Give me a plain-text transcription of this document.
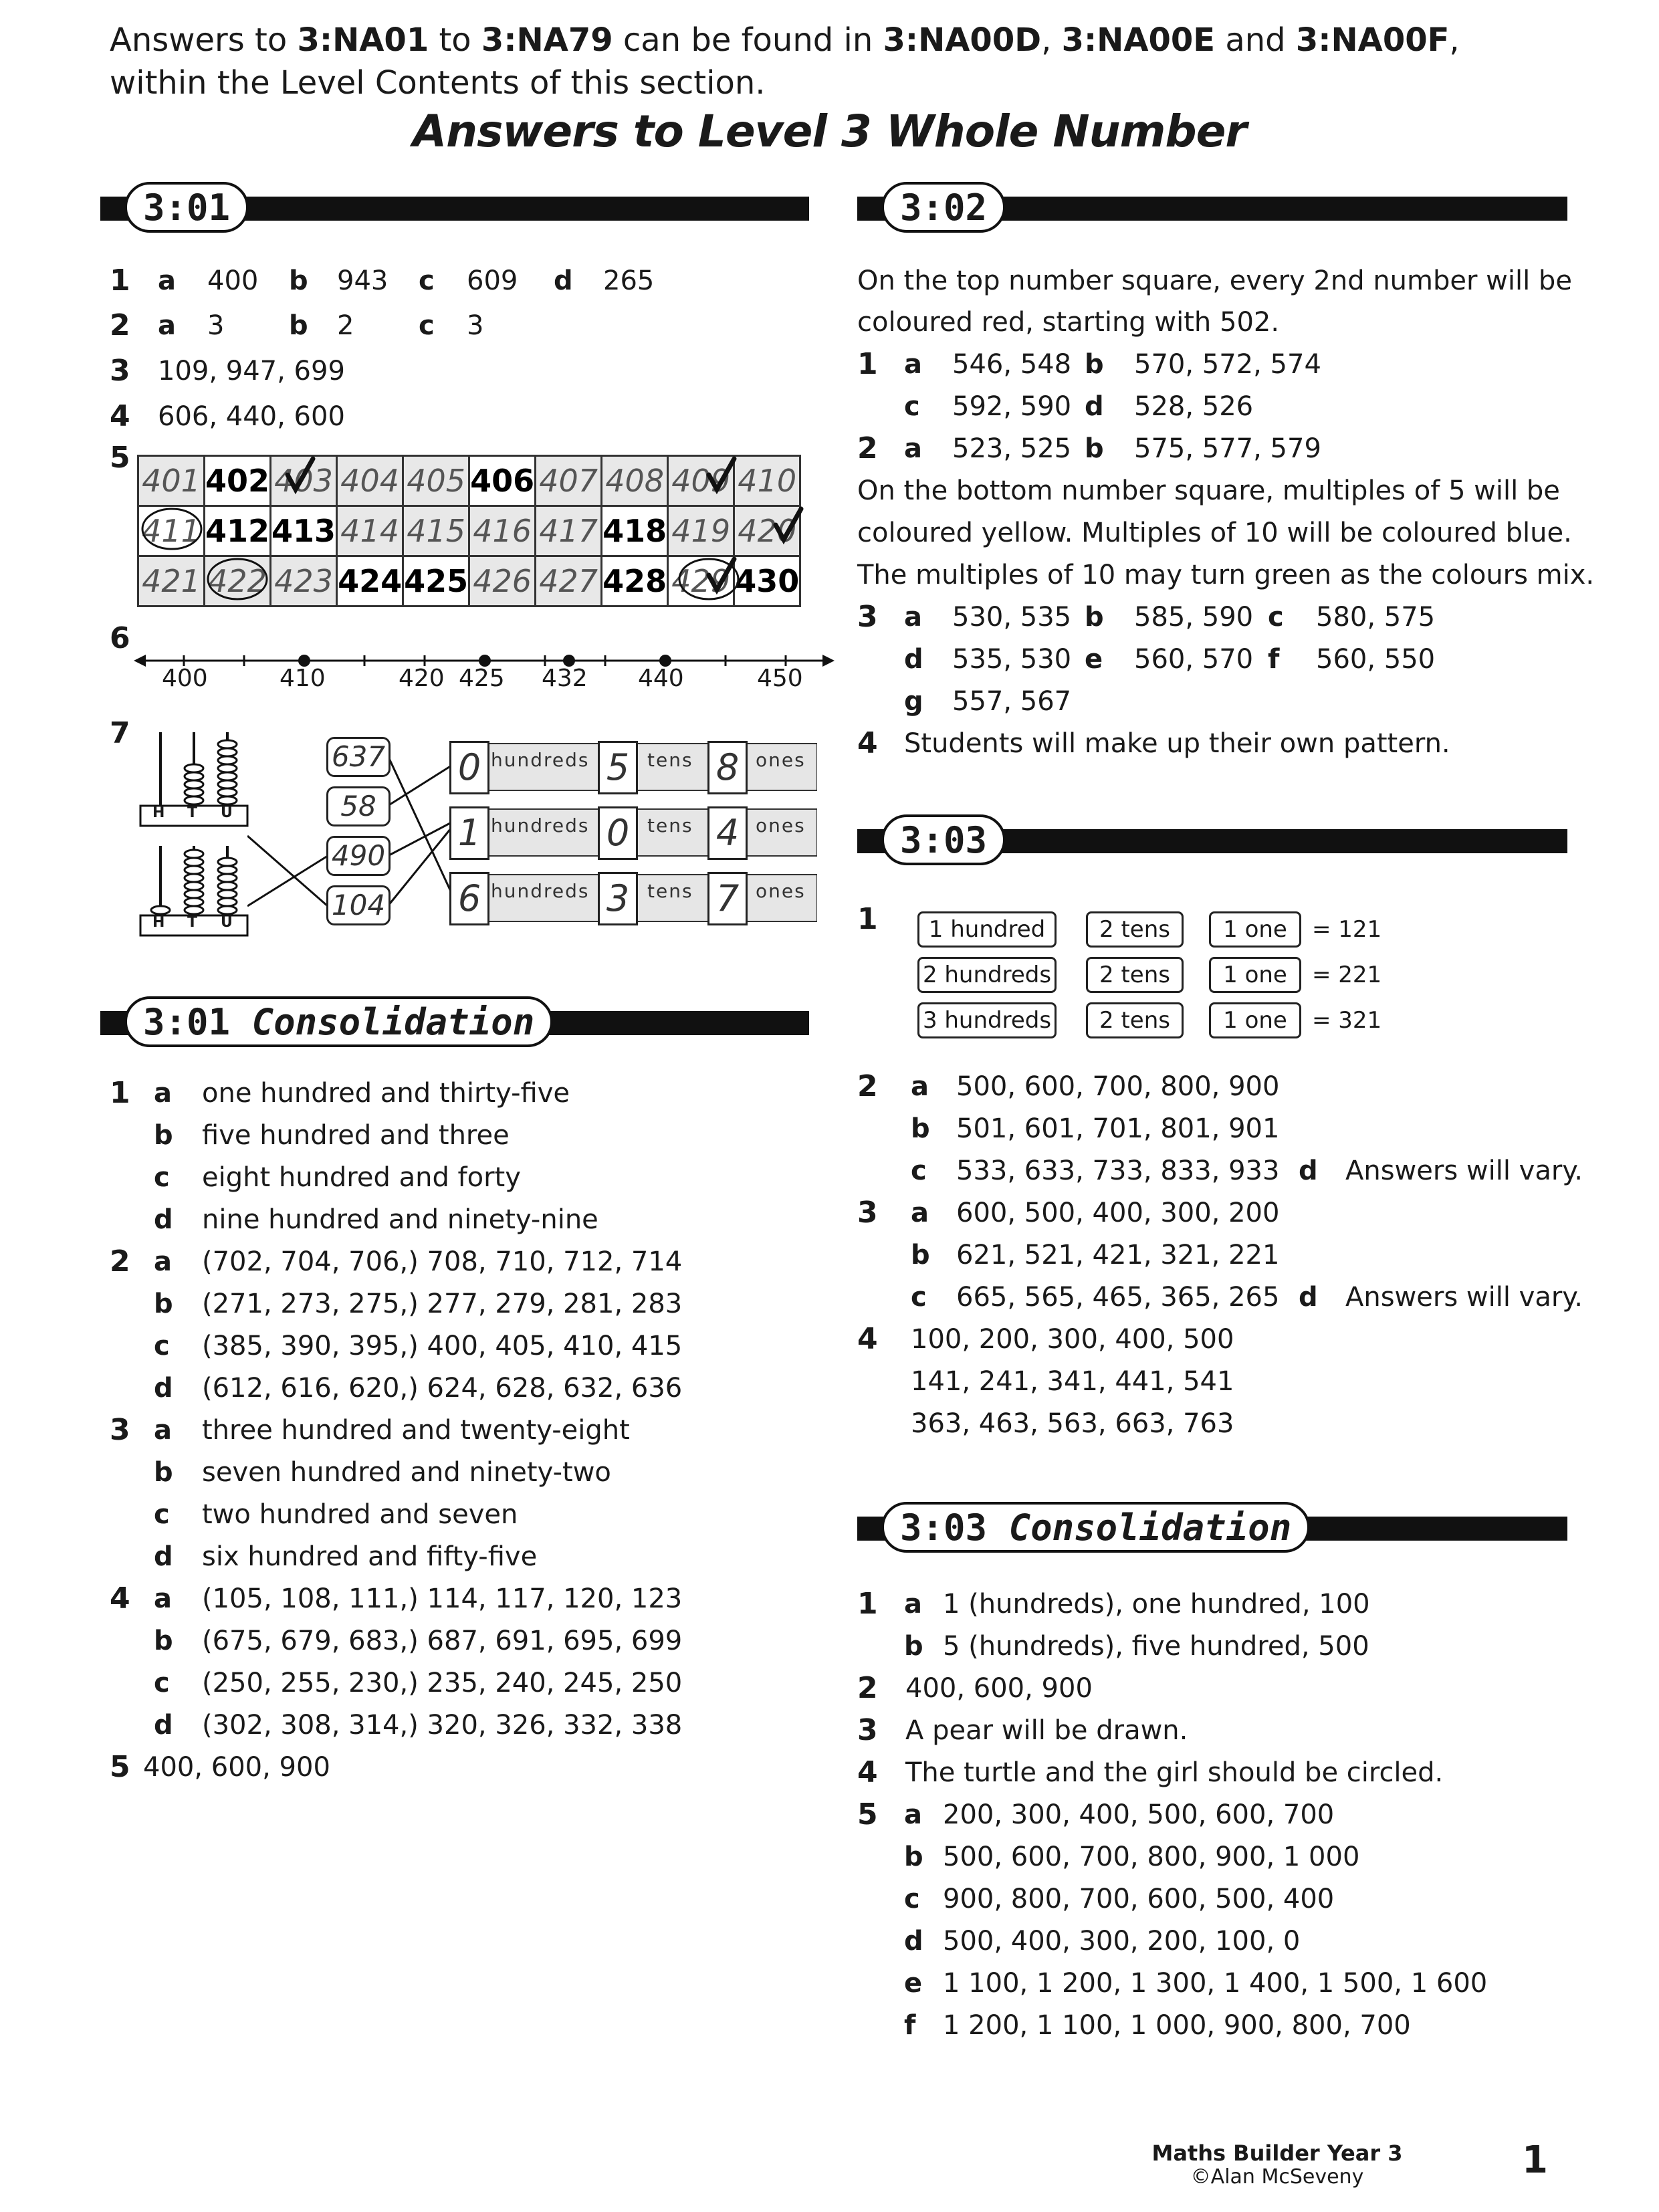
Answers to 3:NA01 to 3:NA79 can be found in 3:NA00D, 3:NA00E and 3:NA00F,
within the Level Contents of this section.
Answers to Level 3 Whole Number
3:01
1 a 400 b 943 c 609 d 265
2 a 3 b 2 c 3
3 109, 947, 699
4 606, 440, 600
5
401	402	403	404	405	406	407	408	409	410
411	412	413	414	415	416	417	418	419	420
421	422	423	424	425	426	427	428	429	430
6
400	410	420 425 432 440	450
7
H T U
H T U
637
58
490
104
0 hundreds 5 tens 8 ones
1 hundreds 0 tens 4 ones
6 hundreds 3 tens 7 ones
3:01 Consolidation
1 a one hundred and thirty-five
b five hundred and three
c eight hundred and forty
d nine hundred and ninety-nine
2 a (702, 704, 706,) 708, 710, 712, 714
b (271, 273, 275,) 277, 279, 281, 283
c (385, 390, 395,) 400, 405, 410, 415
d (612, 616, 620,) 624, 628, 632, 636
3 a three hundred and twenty-eight
b seven hundred and ninety-two
c two hundred and seven
d six hundred and fifty-five
4 a (105, 108, 111,) 114, 117, 120, 123
b (675, 679, 683,) 687, 691, 695, 699
c (250, 255, 230,) 235, 240, 245, 250
d (302, 308, 314,) 320, 326, 332, 338
5 400, 600, 900
3:02
On the top number square, every 2nd number will be
coloured red, starting with 502.
1 a 546, 548 b 570, 572, 574
c 592, 590 d 528, 526
2 a 523, 525 b 575, 577, 579
On the bottom number square, multiples of 5 will be
coloured yellow. Multiples of 10 will be coloured blue.
The multiples of 10 may turn green as the colours mix.
3 a 530, 535 b 585, 590 c 580, 575
d 535, 530 e 560, 570 f 560, 550
g 557, 567
4 Students will make up their own pattern.
3:03
1	1 hundred	2 tens	1 one	= 121
2 hundreds	2 tens	1 one	= 221
3 hundreds	2 tens	1 one	= 321
2 a 500, 600, 700, 800, 900
b 501, 601, 701, 801, 901
c 533, 633, 733, 833, 933 d Answers will vary.
3 a 600, 500, 400, 300, 200
b 621, 521, 421, 321, 221
c 665, 565, 465, 365, 265 d Answers will vary.
4 100, 200, 300, 400, 500
141, 241, 341, 441, 541
363, 463, 563, 663, 763
3:03 Consolidation
1 a 1 (hundreds), one hundred, 100
b 5 (hundreds), five hundred, 500
2 400, 600, 900
3 A pear will be drawn.
4 The turtle and the girl should be circled.
5 a 200, 300, 400, 500, 600, 700
b 500, 600, 700, 800, 900, 1 000
c 900, 800, 700, 600, 500, 400
d 500, 400, 300, 200, 100, 0
e 1 100, 1 200, 1 300, 1 400, 1 500, 1 600
f 1 200, 1 100, 1 000, 900, 800, 700
Maths Builder Year 3
©Alan McSeveny	1
